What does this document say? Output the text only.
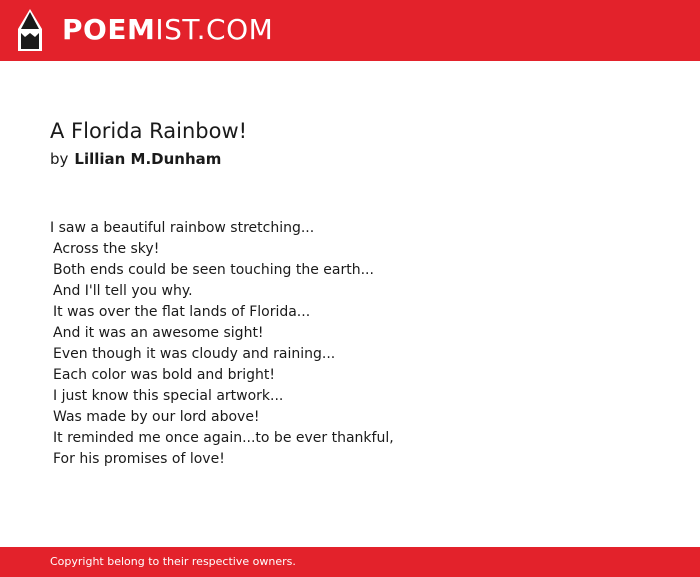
POEMIST.COM
A Florida Rainbow!
by Lillian M.Dunham
I saw a beautiful rainbow stretching...
Across the sky!
Both ends could be seen touching the earth...
And I'll tell you why.
It was over the flat lands of Florida...
And it was an awesome sight!
Even though it was cloudy and raining...
Each color was bold and bright!
I just know this special artwork...
Was made by our lord above!
It reminded me once again...to be ever thankful,
For his promises of love!
Copyright belong to their respective owners.
